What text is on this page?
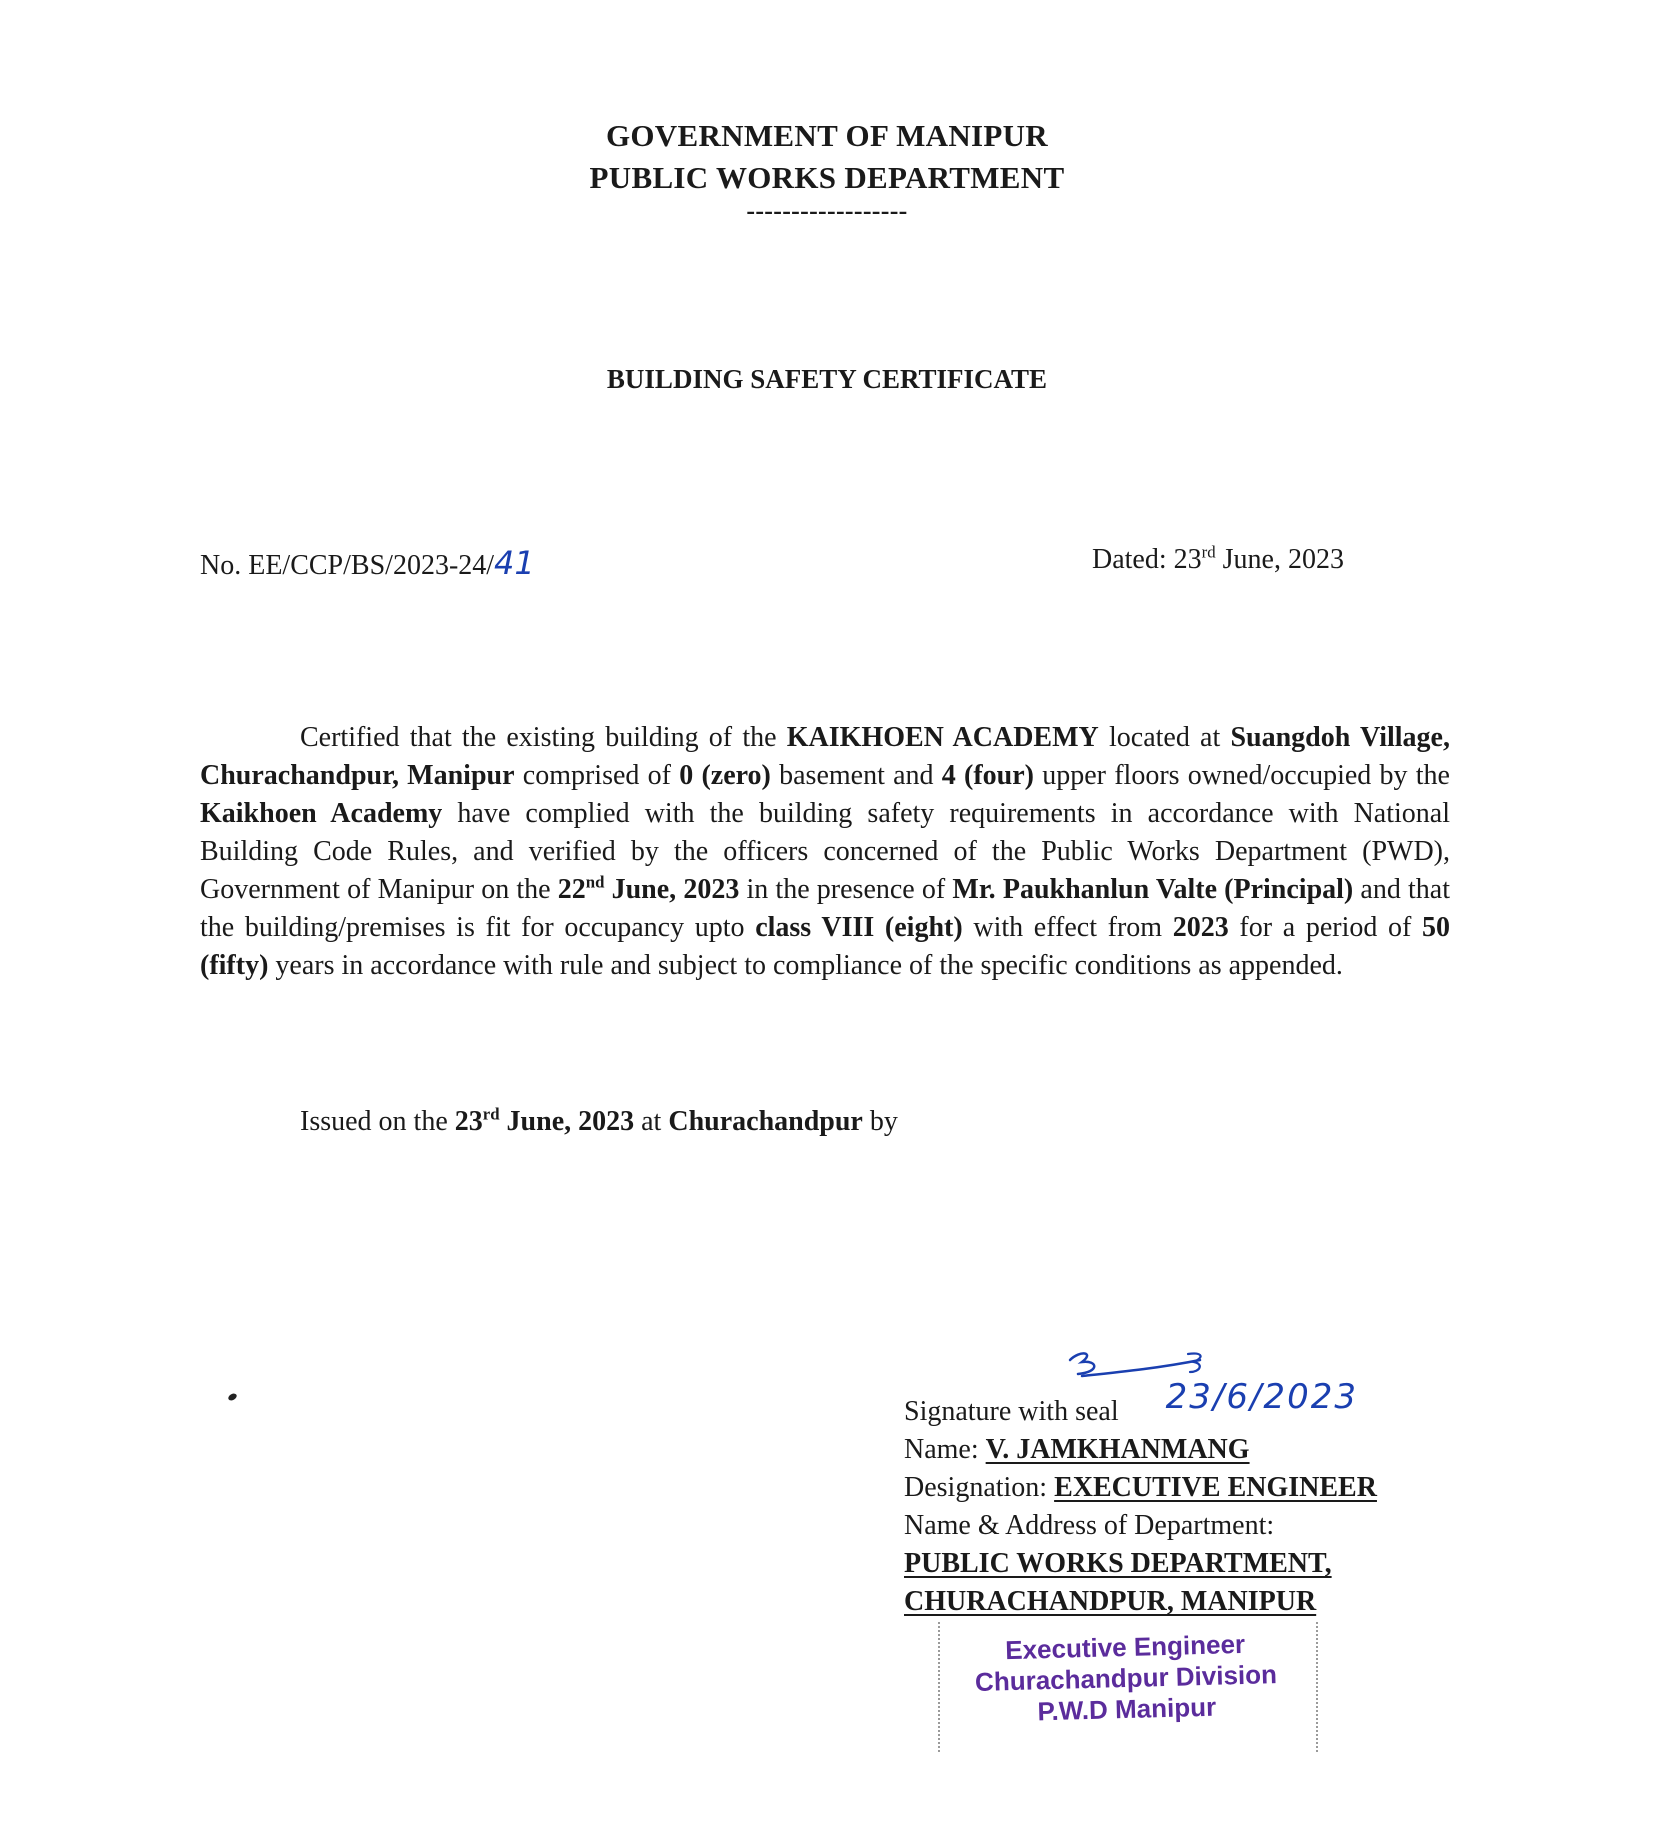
GOVERNMENT OF MANIPUR
PUBLIC WORKS DEPARTMENT
------------------
BUILDING SAFETY CERTIFICATE
No. EE/CCP/BS/2023-24/41	Dated: 23rd June, 2023
Certified that the existing building of the KAIKHOEN ACADEMY located at Suangdoh Village, Churachandpur, Manipur comprised of 0 (zero) basement and 4 (four) upper floors owned/occupied by the Kaikhoen Academy have complied with the building safety requirements in accordance with National Building Code Rules, and verified by the officers concerned of the Public Works Department (PWD), Government of Manipur on the 22nd June, 2023 in the presence of Mr. Paukhanlun Valte (Principal) and that the building/premises is fit for occupancy upto class VIII (eight) with effect from 2023 for a period of 50 (fifty) years in accordance with rule and subject to compliance of the specific conditions as appended.
Issued on the 23rd June, 2023 at Churachandpur by
Signature with seal 23/6/2023
Name: V. JAMKHANMANG
Designation: EXECUTIVE ENGINEER
Name & Address of Department:
PUBLIC WORKS DEPARTMENT,
CHURACHANDPUR, MANIPUR
Executive Engineer
Churachandpur Division
P.W.D Manipur
